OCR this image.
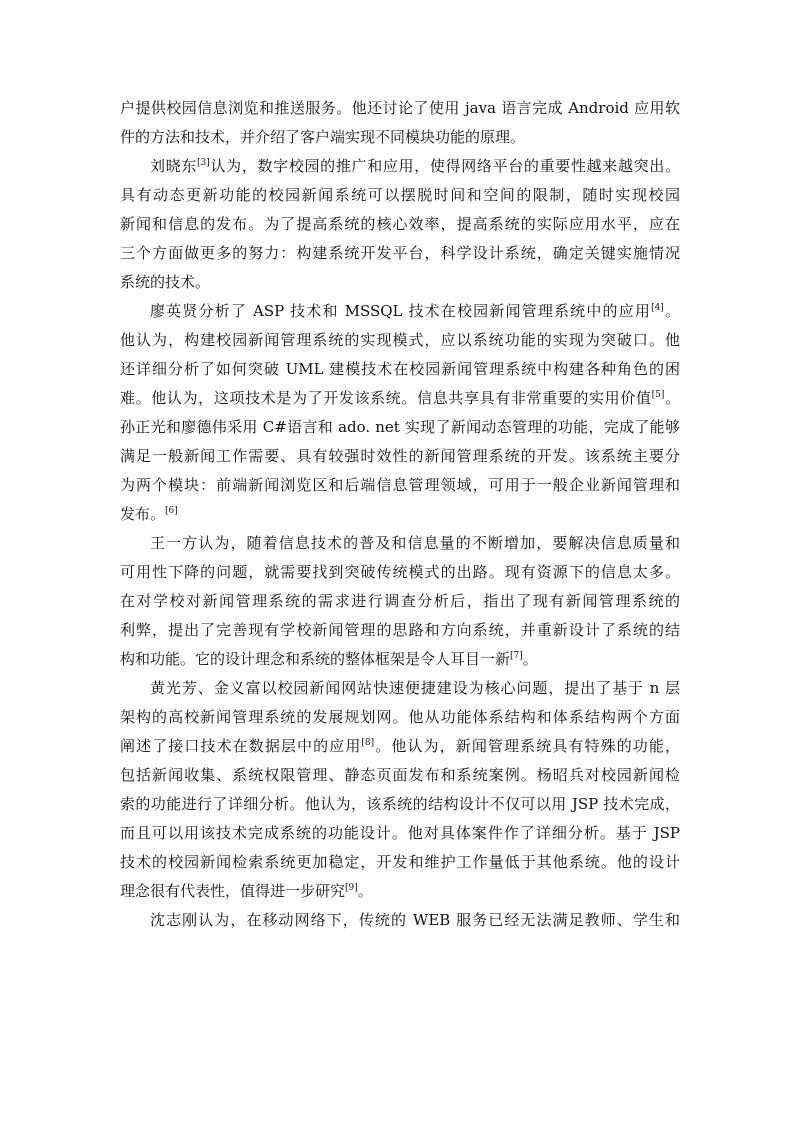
户提供校园信息浏览和推送服务。他还讨论了使用 java 语言完成 Android 应用软
件的方法和技术，并介绍了客户端实现不同模块功能的原理。
刘晓东[3]认为，数字校园的推广和应用，使得网络平台的重要性越来越突出。
具有动态更新功能的校园新闻系统可以摆脱时间和空间的限制，随时实现校园
新闻和信息的发布。为了提高系统的核心效率，提高系统的实际应用水平，应在
三个方面做更多的努力：构建系统开发平台，科学设计系统，确定关键实施情况
系统的技术。
廖英贤分析了 ASP 技术和 MSSQL 技术在校园新闻管理系统中的应用[4]。
他认为，构建校园新闻管理系统的实现模式，应以系统功能的实现为突破口。他
还详细分析了如何突破 UML 建模技术在校园新闻管理系统中构建各种角色的困
难。他认为，这项技术是为了开发该系统。信息共享具有非常重要的实用价值[5]。
孙正光和廖德伟采用 C#语言和 ado. net 实现了新闻动态管理的功能，完成了能够
满足一般新闻工作需要、具有较强时效性的新闻管理系统的开发。该系统主要分
为两个模块：前端新闻浏览区和后端信息管理领域，可用于一般企业新闻管理和
发布。[6]
王一方认为，随着信息技术的普及和信息量的不断增加，要解决信息质量和
可用性下降的问题，就需要找到突破传统模式的出路。现有资源下的信息太多。
在对学校对新闻管理系统的需求进行调查分析后，指出了现有新闻管理系统的
利弊，提出了完善现有学校新闻管理的思路和方向系统，并重新设计了系统的结
构和功能。它的设计理念和系统的整体框架是令人耳目一新[7]。
黄光芳、金义富以校园新闻网站快速便捷建设为核心问题，提出了基于 n 层
架构的高校新闻管理系统的发展规划网。他从功能体系结构和体系结构两个方面
阐述了接口技术在数据层中的应用[8]。他认为，新闻管理系统具有特殊的功能，
包括新闻收集、系统权限管理、静态页面发布和系统案例。杨昭兵对校园新闻检
索的功能进行了详细分析。他认为，该系统的结构设计不仅可以用 JSP 技术完成，
而且可以用该技术完成系统的功能设计。他对具体案件作了详细分析。基于 JSP
技术的校园新闻检索系统更加稳定，开发和维护工作量低于其他系统。他的设计
理念很有代表性，值得进一步研究[9]。
沈志刚认为，在移动网络下，传统的 WEB 服务已经无法满足教师、学生和
